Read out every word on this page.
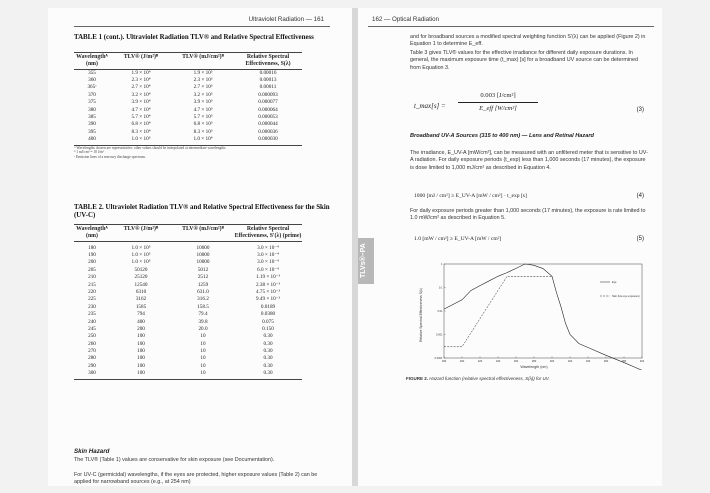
Ultraviolet Radiation — 161
TABLE 1 (cont.). Ultraviolet Radiation TLV® and Relative Spectral Effectiveness
Wavelengthᴬ (nm)
TLV® (J/m²)ᴮ	TLV® (mJ/cm²)ᴮ	Relative Spectral Effectiveness, S(λ)
355	1.9 × 10⁴	1.9 × 10³	0.00016
360	2.3 × 10⁴	2.3 × 10³	0.00013
365ᶜ	2.7 × 10⁴	2.7 × 10³	0.00011
370	3.2 × 10⁴	3.2 × 10³	0.000093
375	3.9 × 10⁴	3.9 × 10³	0.000077
380	4.7 × 10⁴	4.7 × 10³	0.000064
385	5.7 × 10⁴	5.7 × 10³	0.000053
390	6.8 × 10⁴	6.8 × 10³	0.000044
395	8.3 × 10⁴	8.3 × 10³	0.000036
400	1.0 × 10⁵	1.0 × 10⁴	0.000030
ᴬ Wavelengths chosen are representative; other values should be interpolated at intermediate wavelengths.
ᴮ 1 mJ/cm² = 10 J/m²
ᶜ Emission lines of a mercury discharge spectrum.
TABLE 2. Ultraviolet Radiation TLV® and Relative Spectral Effectiveness for the Skin (UV-C)
Wavelengthᴬ (nm)
TLV® (J/m²)ᴮ	TLV® (mJ/cm²)ᴮ	Relative Spectral Effectiveness, S'(λ) (prime)
180	1.0 × 10⁵	10000	3.0 × 10⁻⁴
190	1.0 × 10⁵	10000	3.0 × 10⁻⁴
200	1.0 × 10⁵	10000	3.0 × 10⁻⁴
205	50120	5012	6.0 × 10⁻⁴
210	25120	2512	1.19 × 10⁻³
215	12540	1259	2.38 × 10⁻³
220	6310	631.0	4.75 × 10⁻³
225	3162	316.2	9.49 × 10⁻³
230	1585	158.5	0.0189
235	794	79.4	0.0380
240	400	39.8	0.075
245	200	20.0	0.150
250	100	10	0.30
260	100	10	0.30
270	100	10	0.30
280	100	10	0.30
290	100	10	0.30
300	100	10	0.30
Skin Hazard
The TLV® (Table 1) values are conservative for skin exposure (see Documentation).
For UV-C (germicidal) wavelengths, if the eyes are protected, higher exposure values (Table 2) can be applied for narrowband sources (e.g., at 254 nm)
162 — Optical Radiation
and for broadband sources a modified spectral weighting function S'(λ) can be applied (Figure 2) in Equation 1 to determine E_eff.
Table 3 gives TLV® values for the effective irradiance for different daily exposure durations. In general, the maximum exposure time (t_max) [s] for a broadband UV source can be determined from Equation 3.
t_max[s] =
0.003 [J/cm²]
E_eff [W/cm²]	(3)
Broadband UV-A Sources (315 to 400 nm) — Lens and Retinal Hazard
The irradiance, E_UV-A [mW/cm²], can be measured with an unfiltered meter that is sensitive to UV-A radiation. For daily exposure periods (t_exp) less than 1,000 seconds (17 minutes), the exposure is dose limited to 1,000 mJ/cm² as described in Equation 4.
1000 [mJ / cm²] ≥ E_UV-A [mW / cm²] · t_exp [s]	(4)
For daily exposure periods greater than 1,000 seconds (17 minutes), the exposure is rate limited to 1.0 mW/cm² as described in Equation 5.
1.0 [mW / cm²] ≥ E_UV-A [mW / cm²]	(5)
180	200	220	240	260	280	300	320	340	360	380	400
0.0001
0.001
0.01
0.1
1
Eye
Skin (low eye exposure)
Wavelength (nm)
Relative Spectral Effectiveness S(λ)
FIGURE 2. Hazard function (relative spectral effectiveness, S(λ)) for UV.
TLVs®–PA
